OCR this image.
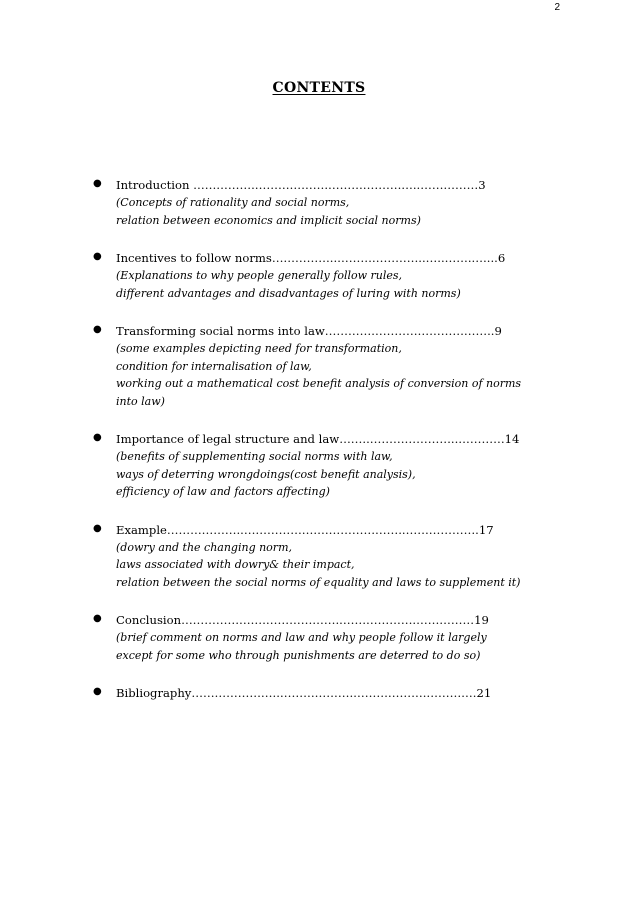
2
CONTENTS
● Introduction …………….……………….……………….…..……………3
(Concepts of rationality and social norms,
relation between economics and implicit social norms)
● Incentives to follow norms……………..…………………..…..……..…...6
(Explanations to why people generally follow rules,
different advantages and disadvantages of luring with norms)
● Transforming social norms into law……………………………………..9
(some examples depicting need for transformation,
condition for internalisation of law,
working out a mathematical cost benefit analysis of conversion of norms
into law)
● Importance of legal structure and law……..…………………..…………14
(benefits of supplementing social norms with law,
ways of deterring wrongdoings(cost benefit analysis),
efficiency of law and factors affecting)
● Example………………..……………….…………………..……………….17
(dowry and the changing norm,
laws associated with dowry& their impact,
relation between the social norms of equality and laws to supplement it)
● Conclusion……………….…………………..……………….……………19
(brief comment on norms and law and why people follow it largely
except for some who through punishments are deterred to do so)
● Bibliography…………………..……………….……………….………….21
